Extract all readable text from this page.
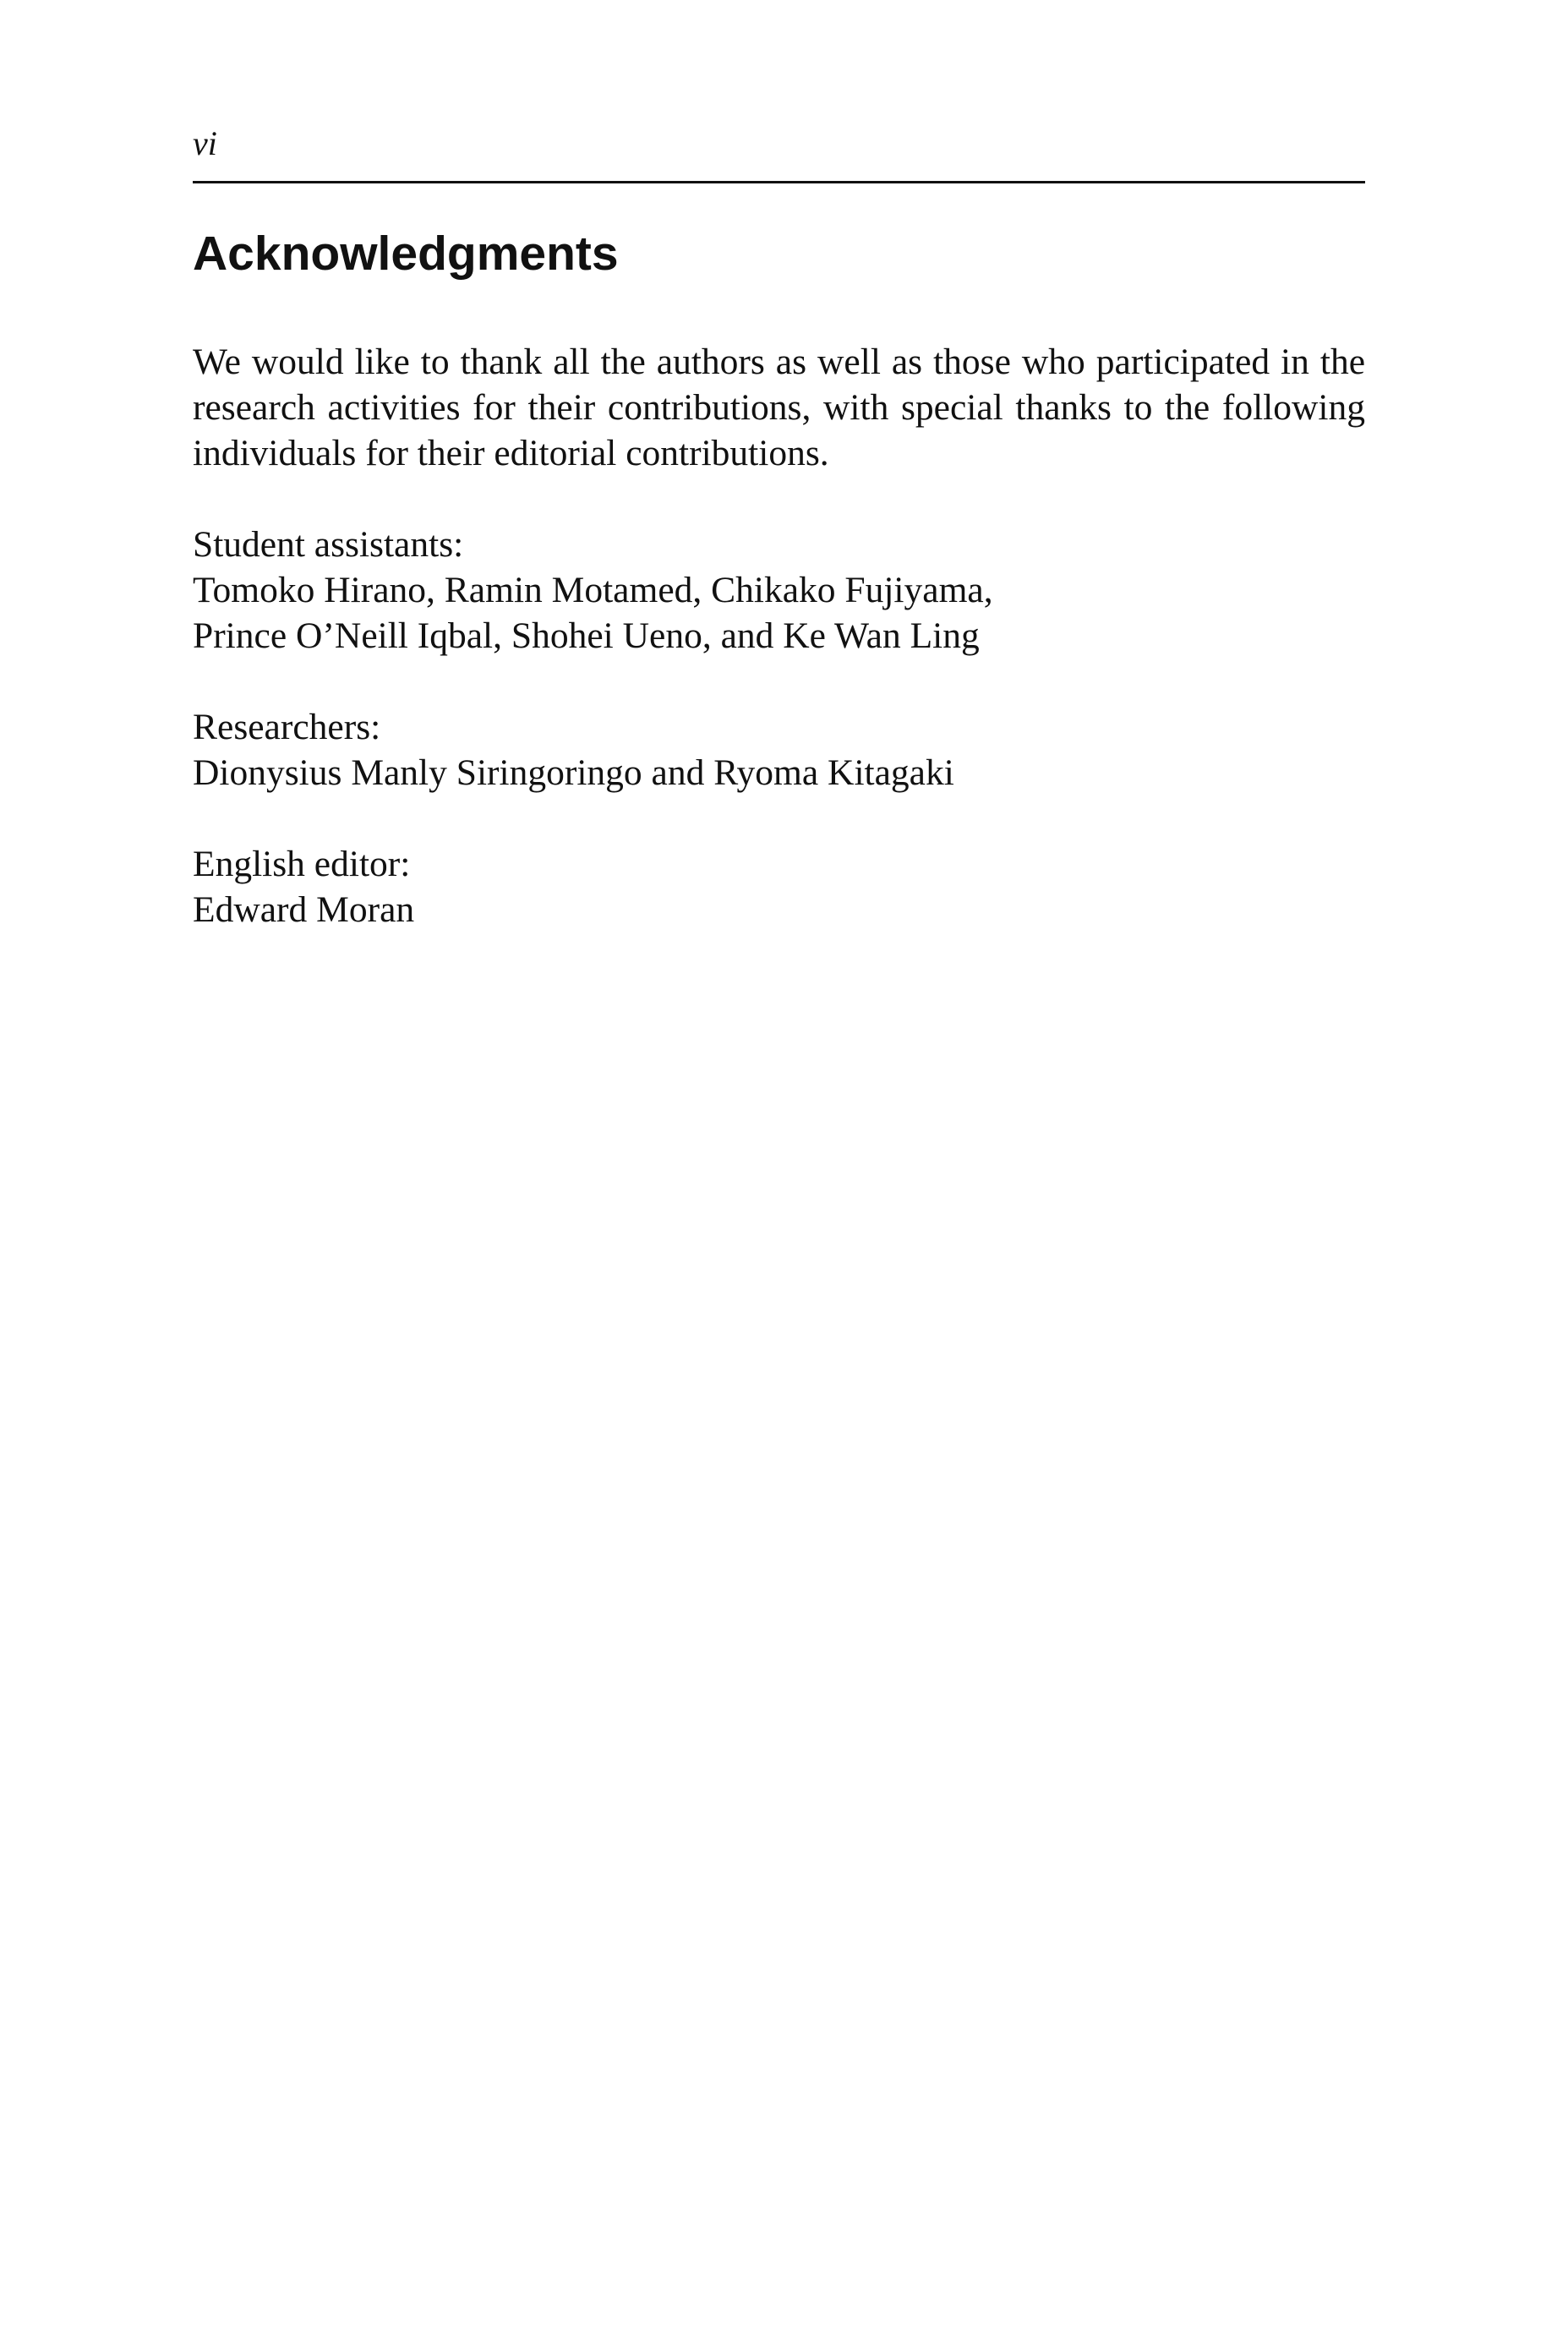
vi
Acknowledgments

We would like to thank all the authors as well as those who participated in the research activities for their contributions, with special thanks to the following individuals for their editorial contributions.

Student assistants:

Tomoko Hirano, Ramin Motamed, Chikako Fujiyama,

Prince O’Neill Iqbal, Shohei Ueno, and Ke Wan Ling

Researchers:

Dionysius Manly Siringoringo and Ryoma Kitagaki

English editor:

Edward Moran
